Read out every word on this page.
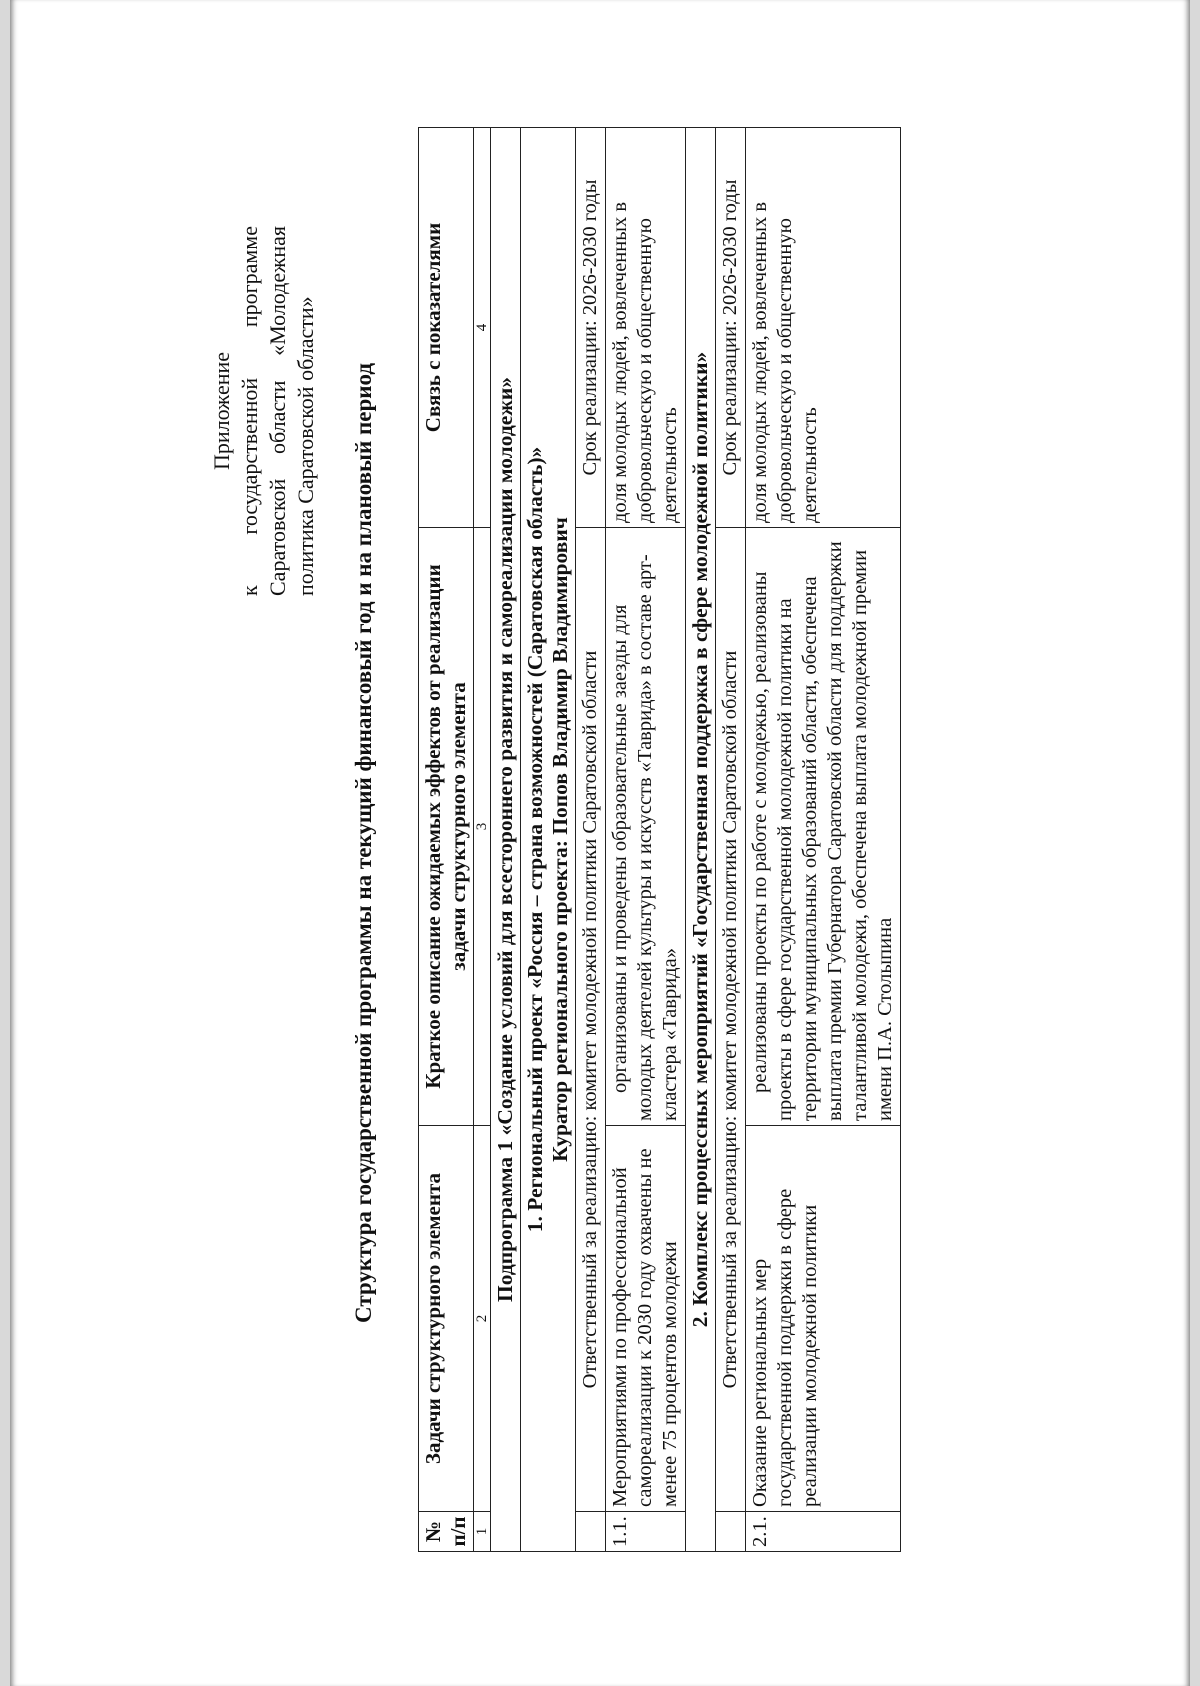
Приложение к государственной программе Саратовской области «Молодежная политика Саратовской области» Структура государственной программы на текущий финансовый год и на плановый период
№ п/п	Задачи структурного элемента	Краткое описание ожидаемых эффектов от реализации задачи структурного элемента	Связь с показателями
1	2	3	4
Подпрограмма 1 «Создание условий для всестороннего развития и самореализации молодежи»			

1. Региональный проект «Россия – страна возможностей (Саратовская область)» Куратор регионального проекта: Попов Владимир Владимирович			

	Ответственный за реализацию: комитет молодежной политики Саратовской области		Срок реализации: 2026-2030 годы
1.1.	Мероприятиями по профессиональной самореализации к 2030 году охвачены не менее 75 процентов молодежи	организованы и проведены образовательные заезды для молодых деятелей культуры и искусств «Таврида» в составе арт-кластера «Таврида»	доля молодых людей, вовлеченных в добровольческую и общественную деятельность
2. Комплекс процессных мероприятий «Государственная поддержка в сфере молодежной политики»			
	Ответственный за реализацию: комитет молодежной политики Саратовской области		Срок реализации: 2026-2030 годы
2.1.	Оказание региональных мер государственной поддержки в сфере реализации молодежной политики	реализованы проекты по работе с молодежью, реализованы проекты в сфере государственной молодежной политики на территории муниципальных образований области, обеспечена выплата премии Губернатора Саратовской области для поддержки талантливой молодежи, обеспечена выплата молодежной премии имени П.А. Столыпина	доля молодых людей, вовлеченных в добровольческую и общественную деятельность
